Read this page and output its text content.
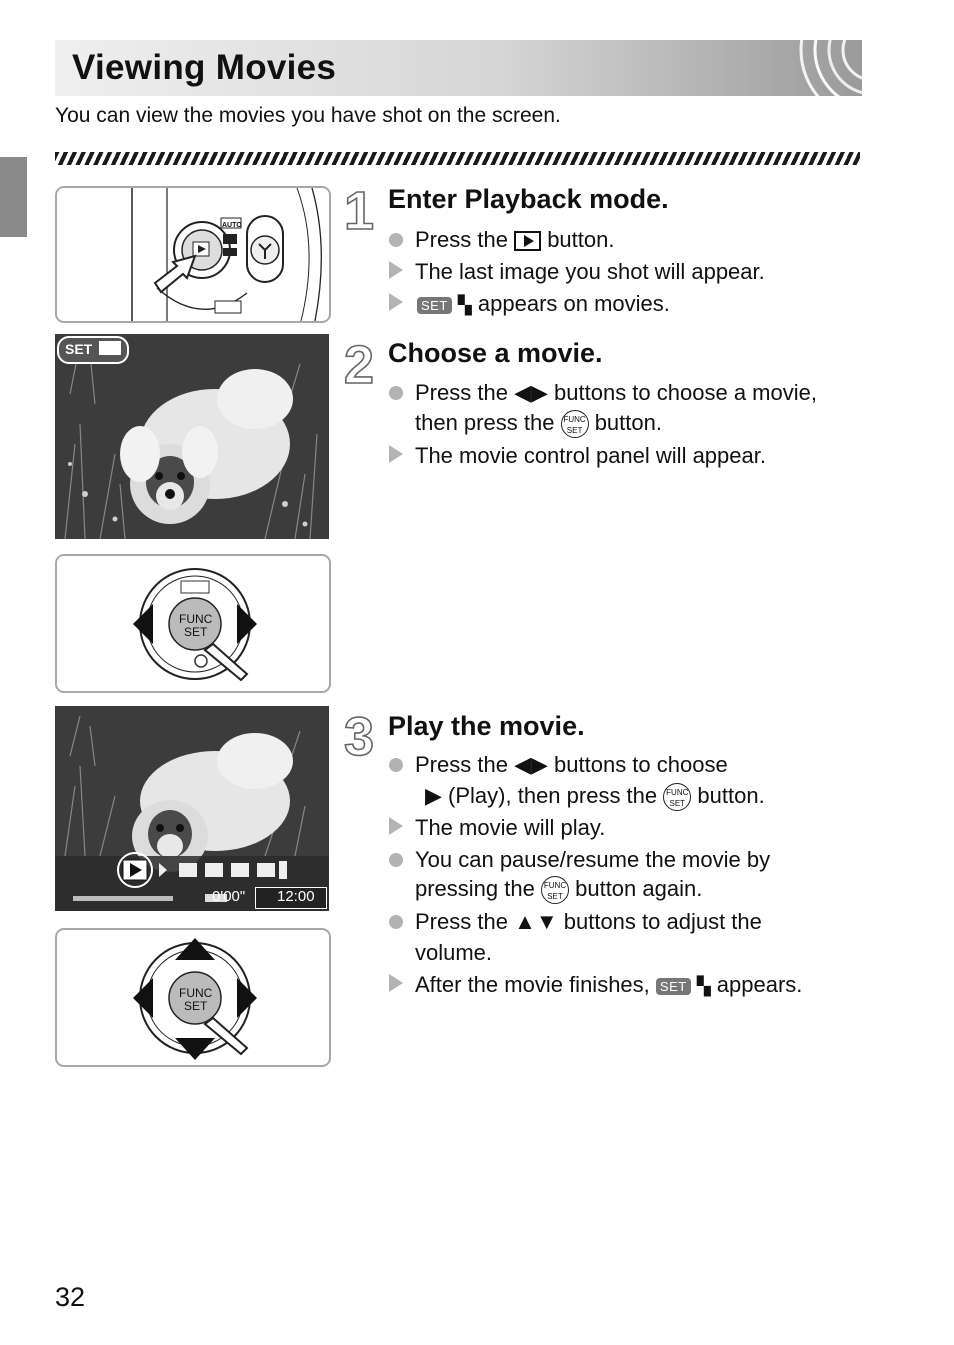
Viewing Movies
You can view the movies you have shot on the screen.
AUTO
SET
FUNC
SET
0'00" 12:00
FUNC
SET
1 Enter Playback mode.
Press the button.
The last image you shot will appear.
SET ▚ appears on movies.
2 Choose a movie.
Press the ◀▶ buttons to choose a movie,
then press the FUNC
SET button.
The movie control panel will appear.
3 Play the movie.
Press the ◀▶ buttons to choose
▶ (Play), then press the FUNC
SET button.
The movie will play.
You can pause/resume the movie by
pressing the FUNC
SET button again.
Press the ▲▼ buttons to adjust the
volume.
After the movie finishes, SET ▚ appears.
32
